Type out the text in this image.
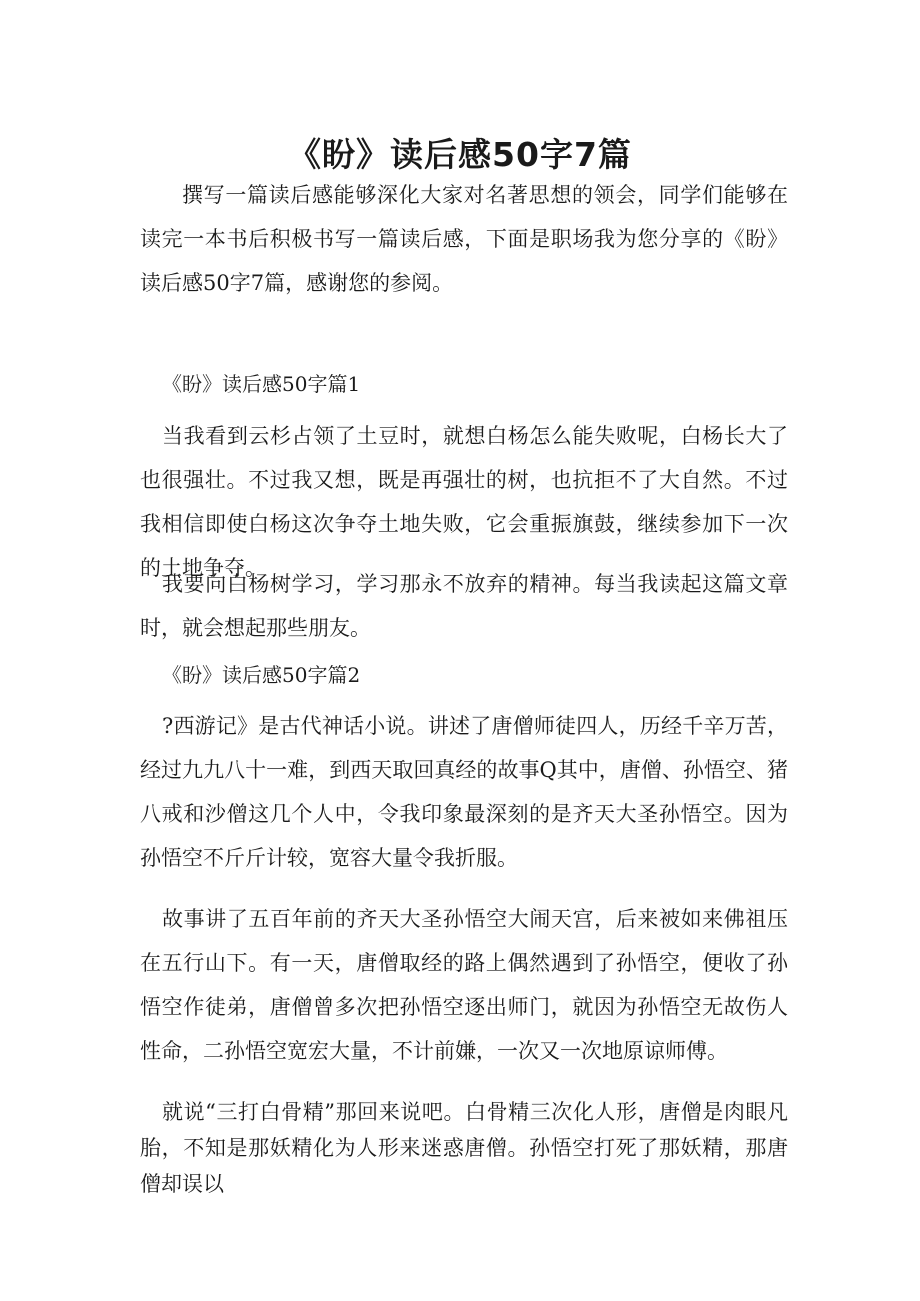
《盼》读后感50字7篇

撰写一篇读后感能够深化大家对名著思想的领会，同学们能够在读完一本书后积极书写一篇读后感，下面是职场我为您分享的《盼》读后感50字7篇，感谢您的参阅。

《盼》读后感50字篇1

当我看到云杉占领了土豆时，就想白杨怎么能失败呢，白杨长大了也很强壮。不过我又想，既是再强壮的树，也抗拒不了大自然。不过我相信即使白杨这次争夺土地失败，它会重振旗鼓，继续参加下一次的土地争夺。

我要向白杨树学习，学习那永不放弃的精神。每当我读起这篇文章时，就会想起那些朋友。

《盼》读后感50字篇2

?西游记》是古代神话小说。讲述了唐僧师徒四人，历经千辛万苦，经过九九八十一难，到西天取回真经的故事Q其中，唐僧、孙悟空、猪八戒和沙僧这几个人中，令我印象最深刻的是齐天大圣孙悟空。因为孙悟空不斤斤计较，宽容大量令我折服。

故事讲了五百年前的齐天大圣孙悟空大闹天宫，后来被如来佛祖压在五行山下。有一天，唐僧取经的路上偶然遇到了孙悟空，便收了孙悟空作徒弟，唐僧曾多次把孙悟空逐出师门，就因为孙悟空无故伤人性命，二孙悟空宽宏大量，不计前嫌，一次又一次地原谅师傅。

就说“三打白骨精”那回来说吧。白骨精三次化人形，唐僧是肉眼凡胎，不知是那妖精化为人形来迷惑唐僧。孙悟空打死了那妖精，那唐僧却误以
